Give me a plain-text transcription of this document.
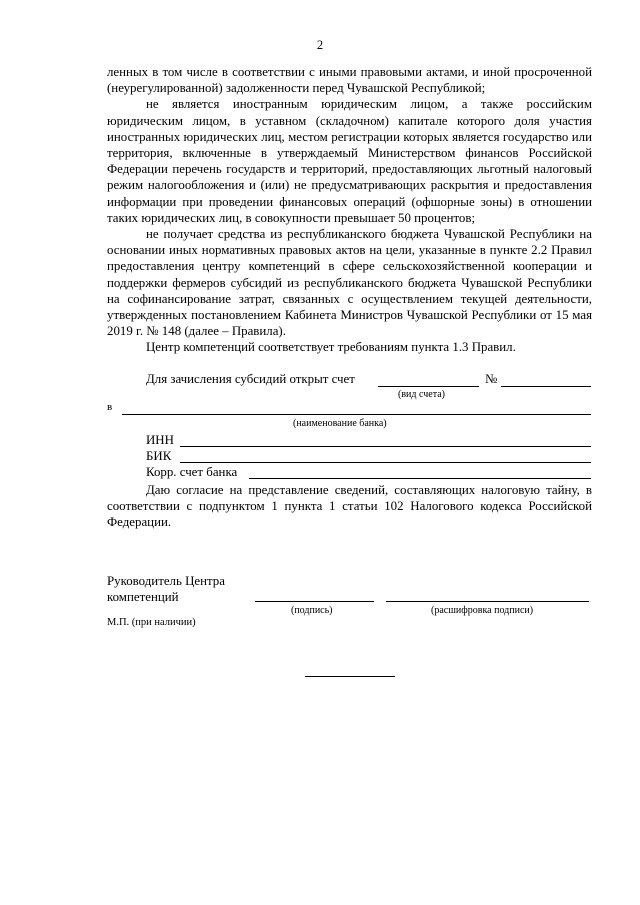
2

ленных в том числе в соответствии с иными правовыми актами, и иной просроченной (неурегулированной) задолженности перед Чувашской Республикой;

не является иностранным юридическим лицом, а также российским юридическим лицом, в уставном (складочном) капитале которого доля участия иностранных юридических лиц, местом регистрации которых является государство или территория, включенные в утверждаемый Министерством финансов Российской Федерации перечень государств и территорий, предоставляющих льготный налоговый режим налогообложения и (или) не предусматривающих раскрытия и предоставления информации при проведении финансовых операций (офшорные зоны) в отношении таких юридических лиц, в совокупности превышает 50 процентов;

не получает средства из республиканского бюджета Чувашской Республики на основании иных нормативных правовых актов на цели, указанные в пункте 2.2 Правил предоставления центру компетенций в сфере сельскохозяйственной кооперации и поддержки фермеров субсидий из республиканского бюджета Чувашской Республики на софинансирование затрат, связанных с осуществлением текущей деятельности, утвержденных постановлением Кабинета Министров Чувашской Республики от 15 мая 2019 г. № 148 (далее – Правила).

Центр компетенций соответствует требованиям пункта 1.3 Правил.

Для зачисления субсидий открыт счет	№
(вид счета)
в
(наименование банка)
ИНН
БИК
Корр. счет банка

Даю согласие на представление сведений, составляющих налоговую тайну, в соответствии с подпунктом 1 пункта 1 статьи 102 Налогового кодекса Российской Федерации.

Руководитель Центра
компетенций
(подпись)	(расшифровка подписи)
М.П. (при наличии)
